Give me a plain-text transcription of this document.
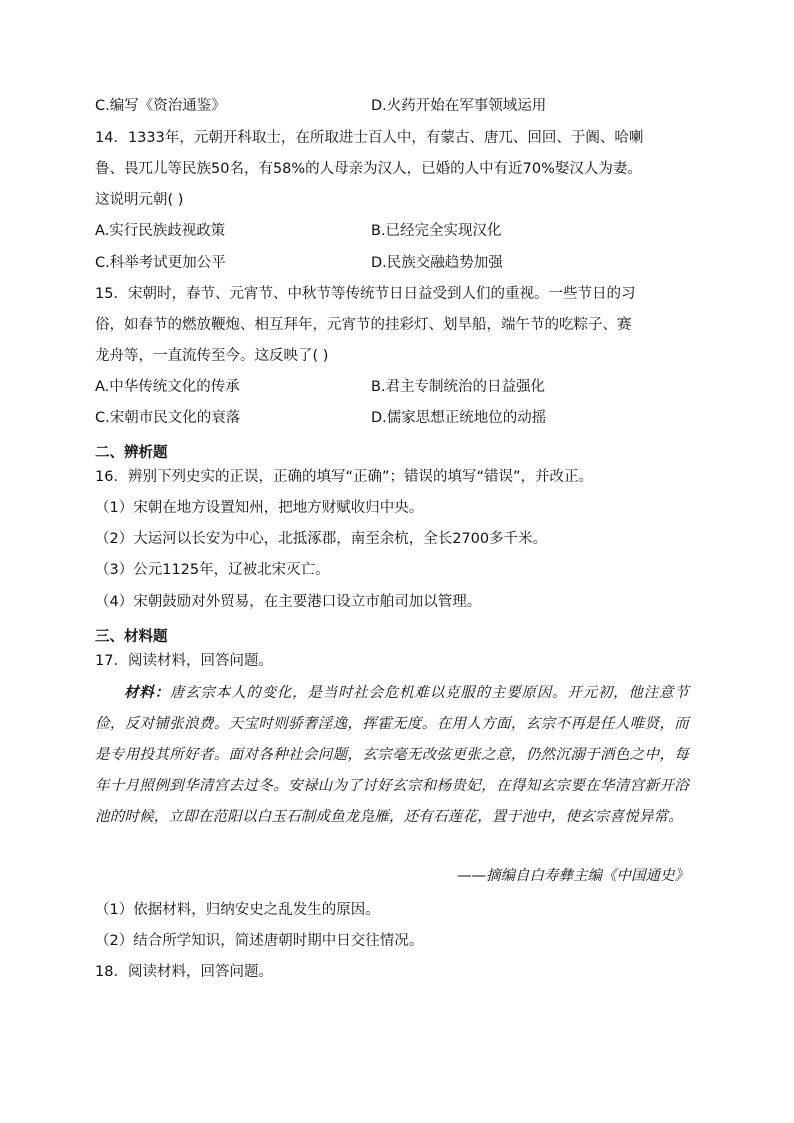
C.编写《资治通鉴》	D.火药开始在军事领域运用
14．1333年，元朝开科取士，在所取进士百人中，有蒙古、唐兀、回回、于阗、哈喇
鲁、畏兀儿等民族50名，有58%的人母亲为汉人，已婚的人中有近70%娶汉人为妻。
这说明元朝( )
A.实行民族歧视政策	B.已经完全实现汉化
C.科举考试更加公平	D.民族交融趋势加强
15．宋朝时，春节、元宵节、中秋节等传统节日日益受到人们的重视。一些节日的习
俗，如春节的燃放鞭炮、相互拜年，元宵节的挂彩灯、划旱船，端午节的吃粽子、赛
龙舟等，一直流传至今。这反映了( )
A.中华传统文化的传承	B.君主专制统治的日益强化
C.宋朝市民文化的衰落	D.儒家思想正统地位的动摇
二、辨析题
16．辨别下列史实的正误，正确的填写“正确”；错误的填写“错误”，并改正。
（1）宋朝在地方设置知州，把地方财赋收归中央。
（2）大运河以长安为中心，北抵涿郡，南至余杭，全长2700多千米。
（3）公元1125年，辽被北宋灭亡。
（4）宋朝鼓励对外贸易，在主要港口设立市舶司加以管理。
三、材料题
17．阅读材料，回答问题。
材料：唐玄宗本人的变化，是当时社会危机难以克服的主要原因。开元初，他注意节俭，反对铺张浪费。天宝时则骄奢淫逸，挥霍无度。在用人方面，玄宗不再是任人唯贤，而是专用投其所好者。面对各种社会问题，玄宗毫无改弦更张之意，仍然沉溺于酒色之中，每年十月照例到华清宫去过冬。安禄山为了讨好玄宗和杨贵妃，在得知玄宗要在华清宫新开浴池的时候，立即在范阳以白玉石制成鱼龙凫雁，还有石莲花，置于池中，使玄宗喜悦异常。
——摘编自白寿彝主编《中国通史》
（1）依据材料，归纳安史之乱发生的原因。
（2）结合所学知识，简述唐朝时期中日交往情况。
18．阅读材料，回答问题。
